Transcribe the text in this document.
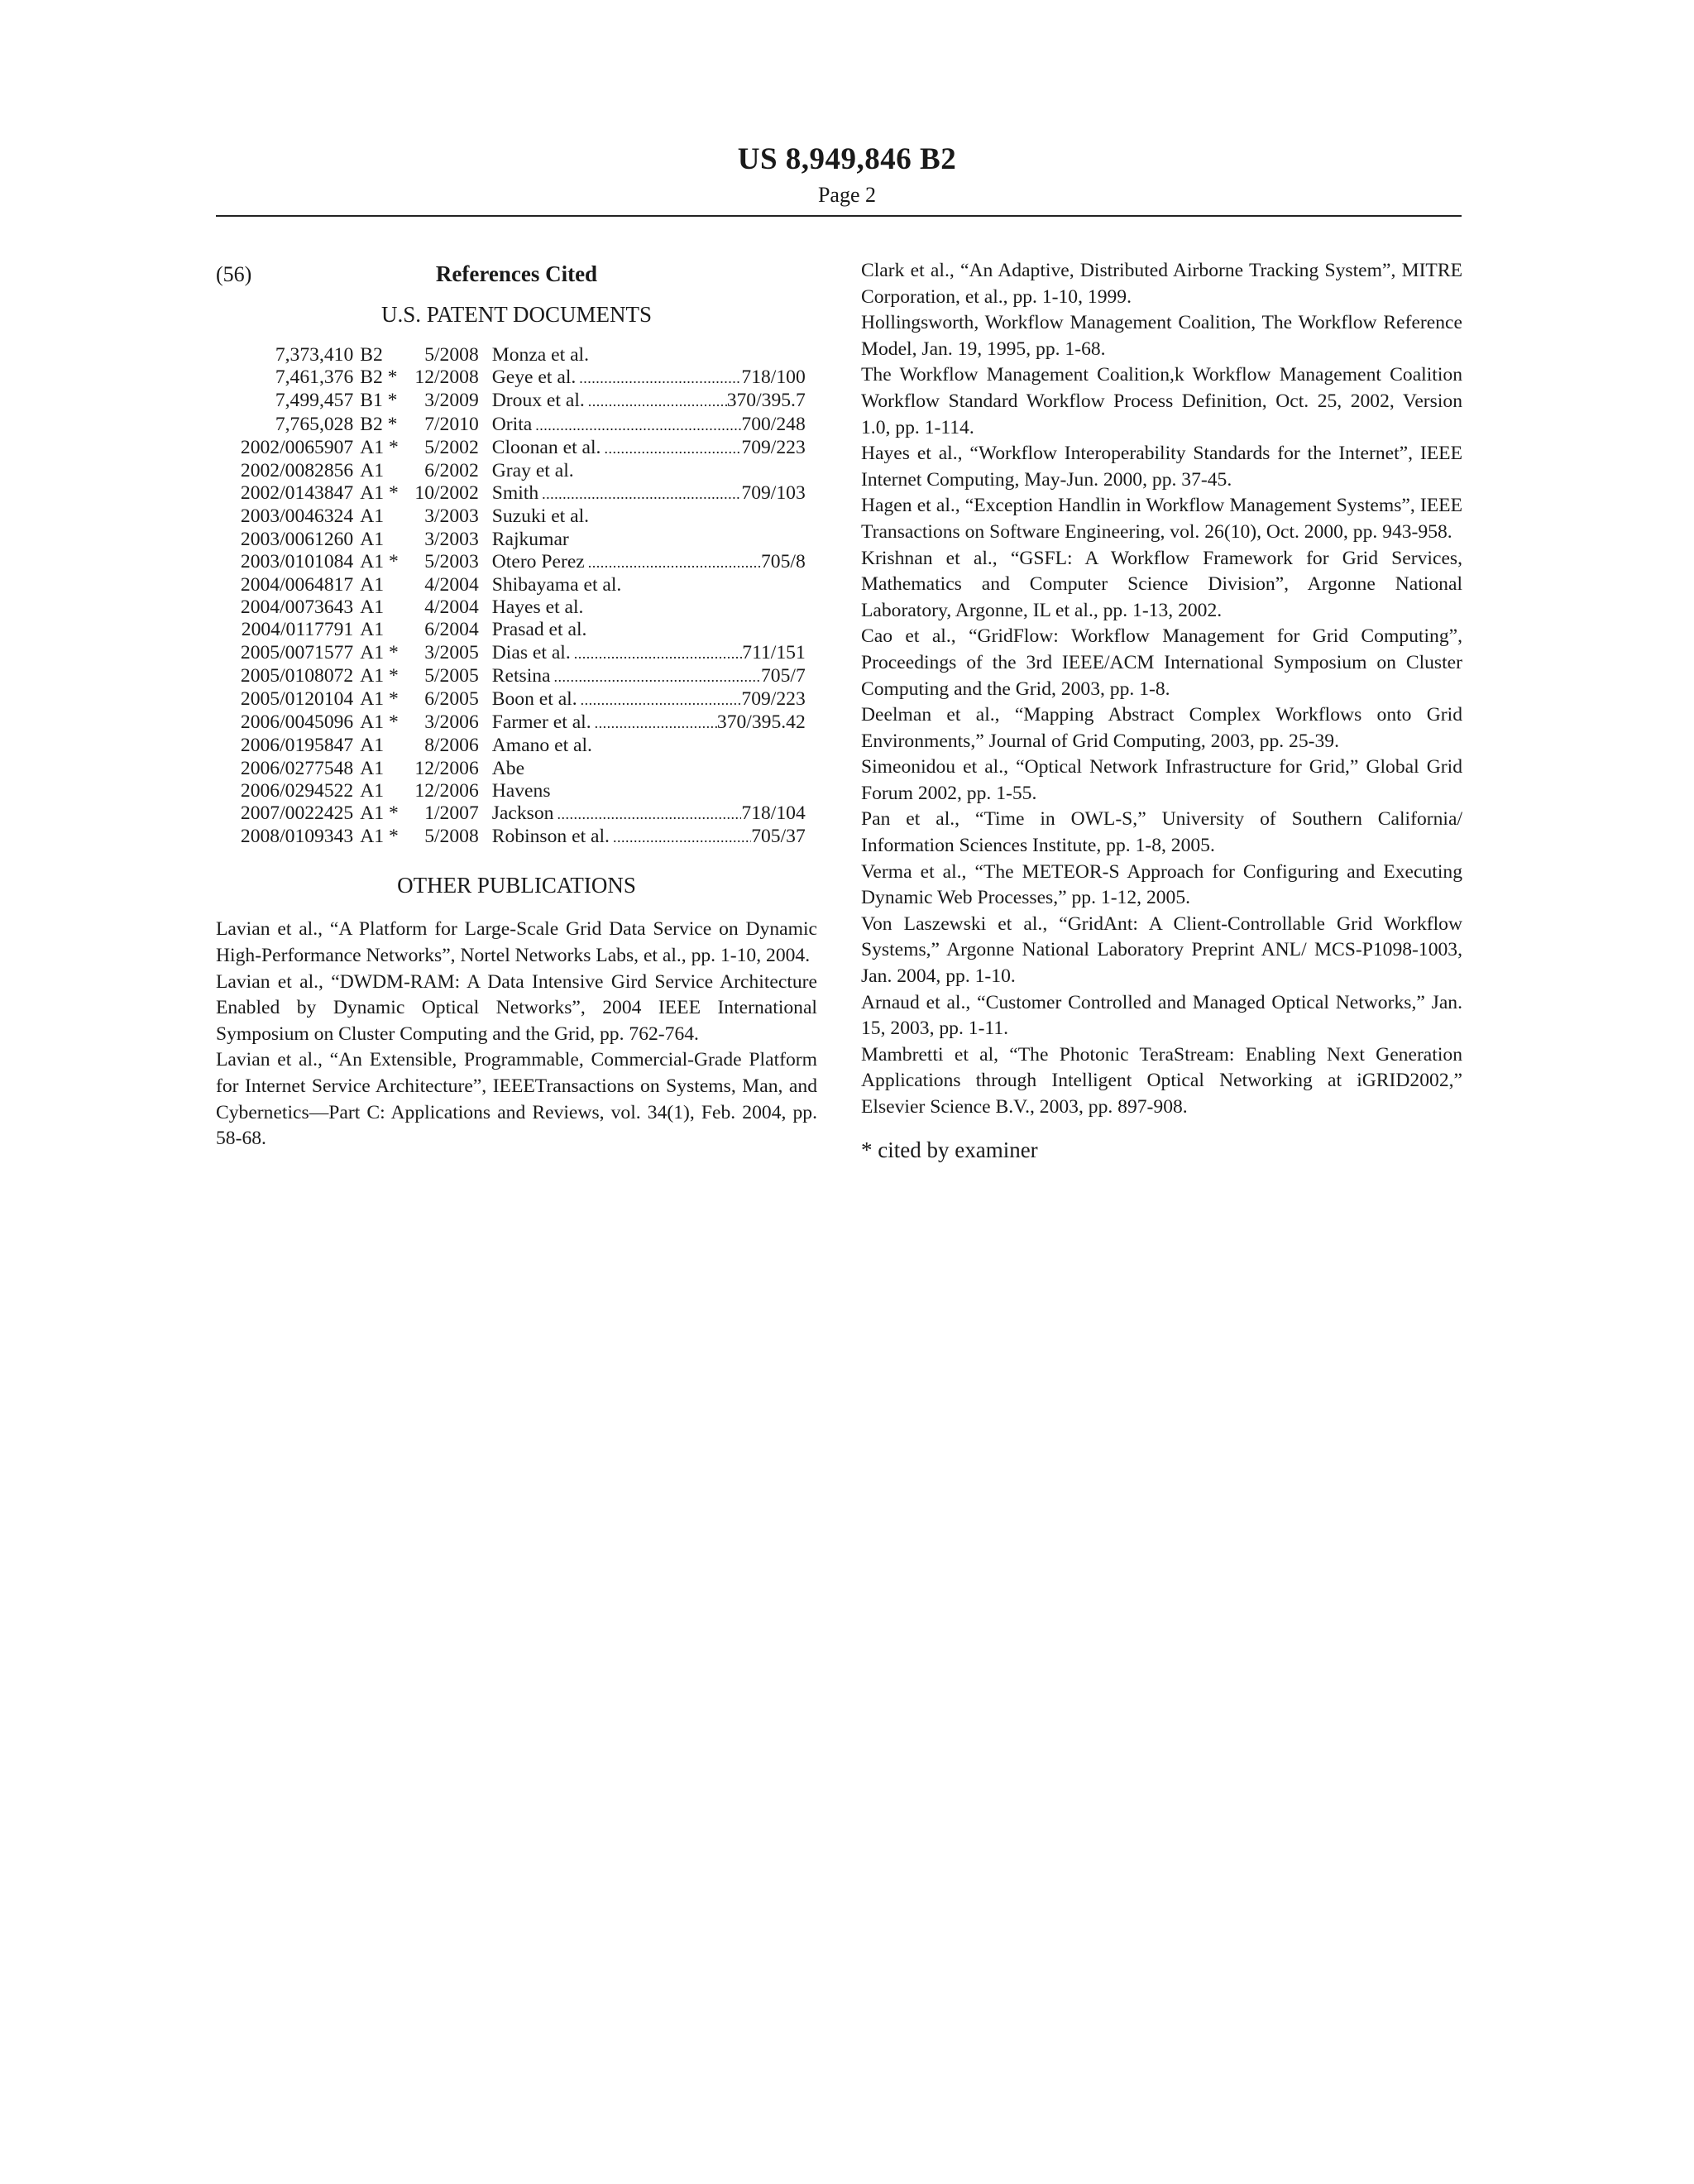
US 8,949,846 B2
Page 2
(56)	References Cited
U.S. PATENT DOCUMENTS
7,373,410	B2	5/2008	Monza et al.

7,461,376	B2 *	12/2008	Geye et al. . . . 718/100

7,499,457	B1 *	3/2009	Droux et al. . . . 370/395.7

7,765,028	B2 *	7/2010	Orita . . . 700/248

2002/0065907	A1 *	5/2002	Cloonan et al. . . . 709/223

2002/0082856	A1	6/2002	Gray et al.

2002/0143847	A1 *	10/2002	Smith . . . 709/103

2003/0046324	A1	3/2003	Suzuki et al.

2003/0061260	A1	3/2003	Rajkumar

2003/0101084	A1 *	5/2003	Otero Perez . . . 705/8

2004/0064817	A1	4/2004	Shibayama et al.

2004/0073643	A1	4/2004	Hayes et al.

2004/0117791	A1	6/2004	Prasad et al.

2005/0071577	A1 *	3/2005	Dias et al. . . . 711/151

2005/0108072	A1 *	5/2005	Retsina . . . 705/7

2005/0120104	A1 *	6/2005	Boon et al. . . . 709/223

2006/0045096	A1 *	3/2006	Farmer et al. . . . 370/395.42

2006/0195847	A1	8/2006	Amano et al.

2006/0277548	A1	12/2006	Abe

2006/0294522	A1	12/2006	Havens

2007/0022425	A1 *	1/2007	Jackson . . . 718/104

2008/0109343	A1 *	5/2008	Robinson et al. . . . 705/37
OTHER PUBLICATIONS

Lavian et al., “A Platform for Large-Scale Grid Data Service on Dynamic High-Performance Networks”, Nortel Networks Labs, et al., pp. 1-10, 2004.

Lavian et al., “DWDM-RAM: A Data Intensive Gird Service Architecture Enabled by Dynamic Optical Networks”, 2004 IEEE International Symposium on Cluster Computing and the Grid, pp. 762-764.

Lavian et al., “An Extensible, Programmable, Commercial-Grade Platform for Internet Service Architecture”, IEEETransactions on Systems, Man, and Cybernetics—Part C: Applications and Reviews, vol. 34(1), Feb. 2004, pp. 58-68.

Clark et al., “An Adaptive, Distributed Airborne Tracking System”, MITRE Corporation, et al., pp. 1-10, 1999.

Hollingsworth, Workflow Management Coalition, The Workflow Reference Model, Jan. 19, 1995, pp. 1-68.

The Workflow Management Coalition,k Workflow Management Coalition Workflow Standard Workflow Process Definition, Oct. 25, 2002, Version 1.0, pp. 1-114.

Hayes et al., “Workflow Interoperability Standards for the Internet”, IEEE Internet Computing, May-Jun. 2000, pp. 37-45.

Hagen et al., “Exception Handlin in Workflow Management Systems”, IEEE Transactions on Software Engineering, vol. 26(10), Oct. 2000, pp. 943-958.

Krishnan et al., “GSFL: A Workflow Framework for Grid Services, Mathematics and Computer Science Division”, Argonne National Laboratory, Argonne, IL et al., pp. 1-13, 2002.

Cao et al., “GridFlow: Workflow Management for Grid Computing”, Proceedings of the 3rd IEEE/ACM International Symposium on Cluster Computing and the Grid, 2003, pp. 1-8.

Deelman et al., “Mapping Abstract Complex Workflows onto Grid Environments,” Journal of Grid Computing, 2003, pp. 25-39.

Simeonidou et al., “Optical Network Infrastructure for Grid,” Global Grid Forum 2002, pp. 1-55.

Pan et al., “Time in OWL-S,” University of Southern California/ Information Sciences Institute, pp. 1-8, 2005.

Verma et al., “The METEOR-S Approach for Configuring and Executing Dynamic Web Processes,” pp. 1-12, 2005.

Von Laszewski et al., “GridAnt: A Client-Controllable Grid Workflow Systems,” Argonne National Laboratory Preprint ANL/ MCS-P1098-1003, Jan. 2004, pp. 1-10.

Arnaud et al., “Customer Controlled and Managed Optical Networks,” Jan. 15, 2003, pp. 1-11.

Mambretti et al, “The Photonic TeraStream: Enabling Next Generation Applications through Intelligent Optical Networking at iGRID2002,” Elsevier Science B.V., 2003, pp. 897-908.

* cited by examiner
